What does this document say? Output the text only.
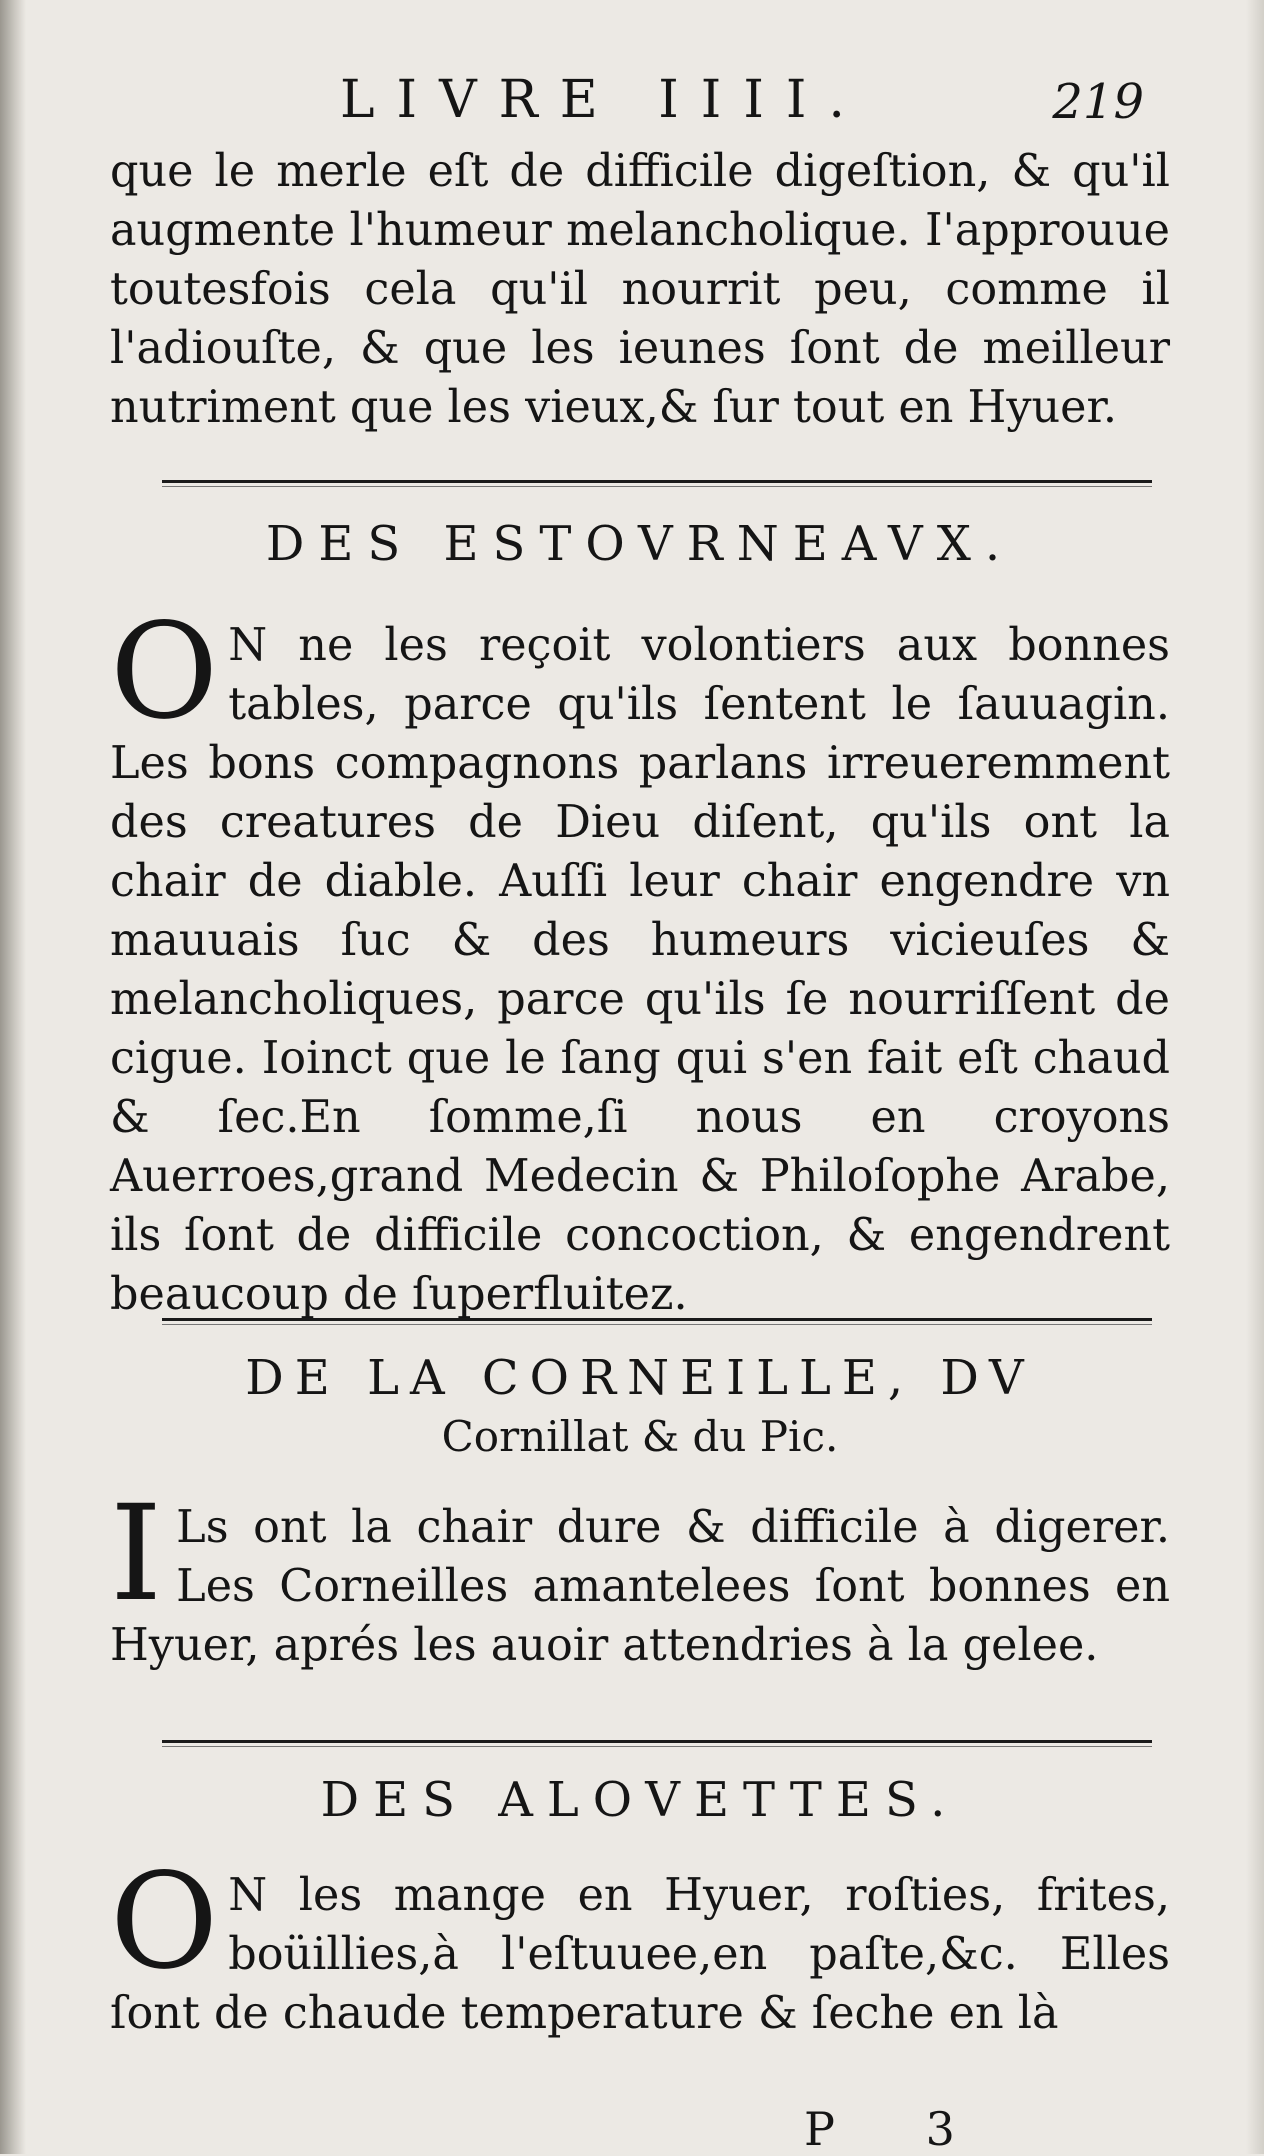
LIVRE IIII.	219

que le merle eſt de difficile digeſtion, & qu'il augmente l'humeur melancholique. I'approuue toutesfois cela qu'il nourrit peu, comme il l'adiouſte, & que les ieunes ſont de meilleur nutriment que les vieux,& ſur tout en Hyuer.

DES ESTOVRNEAVX.

O N ne les reçoit volontiers aux bonnes tables, parce qu'ils ſentent le ſauuagin. Les bons compagnons parlans irreueremment des creatures de Dieu diſent, qu'ils ont la chair de diable. Auſſi leur chair engendre vn mauuais ſuc & des humeurs vicieuſes & melancholiques, parce qu'ils ſe nourriſſent de cigue. Ioinct que le ſang qui s'en fait eſt chaud & ſec.En ſomme,ſi nous en croyons Auerroes,grand Medecin & Philoſophe Arabe, ils ſont de difficile concoction, & engendrent beaucoup de ſuperfluitez.

DE LA CORNEILLE, DV
Cornillat & du Pic.

I Ls ont la chair dure & difficile à digerer. Les Corneilles amantelees ſont bonnes en Hyuer, aprés les auoir attendries à la gelee.

DES ALOVETTES.

O N les mange en Hyuer, roſties, frites, boüillies,à l'eſtuuee,en paſte,&c. Elles ſont de chaude temperature & ſeche en là

P 3
